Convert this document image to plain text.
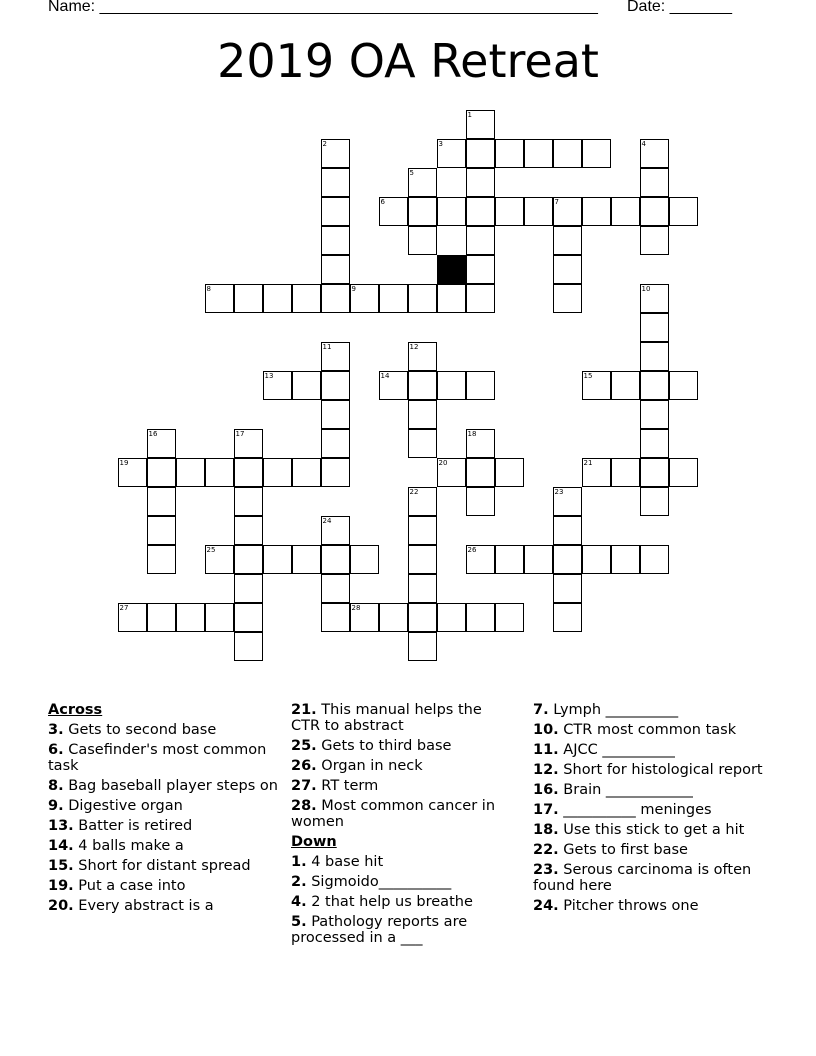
Name: ________________________________________________________ Date: _______
2019 OA Retreat
3
6	7
8	9
13	14	15
19	20	21
25	26
27	28
1
2	4
5
10
11	12
16	17	18
22	23
24
Across
3. Gets to second base
6. Casefinder's most common task
8. Bag baseball player steps on
9. Digestive organ
13. Batter is retired
14. 4 balls make a
15. Short for distant spread
19. Put a case into
20. Every abstract is a
21. This manual helps the CTR to abstract
25. Gets to third base
26. Organ in neck
27. RT term
28. Most common cancer in women
Down
1. 4 base hit
2. Sigmoido__________
4. 2 that help us breathe
5. Pathology reports are processed in a ___
7. Lymph __________
10. CTR most common task
11. AJCC __________
12. Short for histological report
16. Brain ____________
17. __________ meninges
18. Use this stick to get a hit
22. Gets to first base
23. Serous carcinoma is often found here
24. Pitcher throws one
